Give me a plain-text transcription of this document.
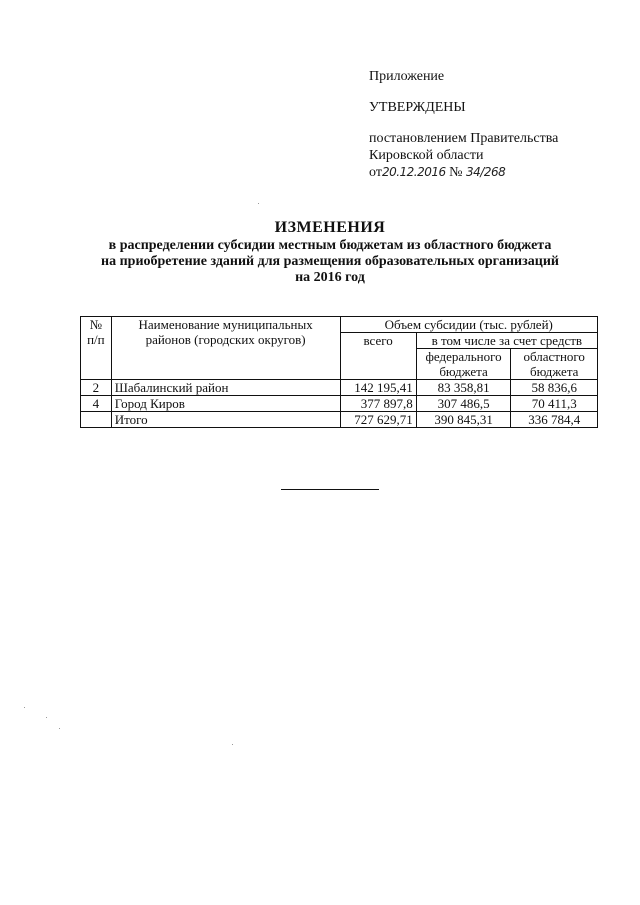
Приложение
УТВЕРЖДЕНЫ
постановлением Правительства
Кировской области
от20.12.2016 № 34/268
ИЗМЕНЕНИЯ
в распределении субсидии местным бюджетам из областного бюджета
на приобретение зданий для размещения образовательных организаций
на 2016 год
№ п/п	Наименование муниципальных районов (городских округов)	Объем субсидии (тыс. рублей)		
		всего	в том числе за счет средств	
			федерального бюджета	областного бюджета
2	Шабалинский район	142 195,41	83 358,81	58 836,6
4	Город Киров	377 897,8	307 486,5	70 411,3
	Итого	727 629,71	390 845,31	336 784,4
